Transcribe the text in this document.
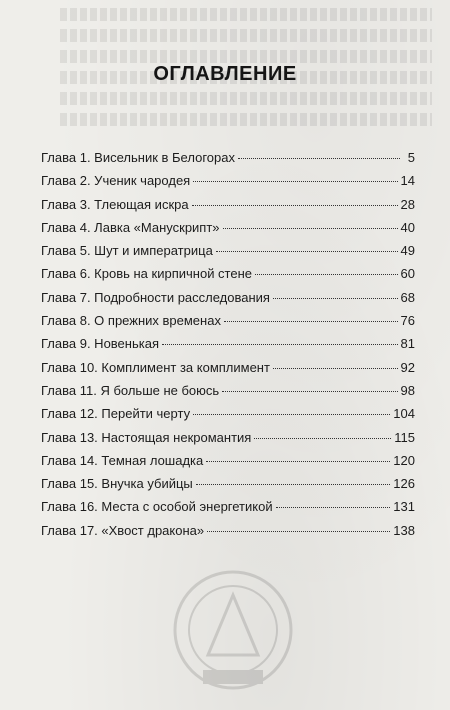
ОГЛАВЛЕНИЕ
Глава 1. Висельник в Белогорах	5
Глава 2. Ученик чародея	14
Глава 3. Тлеющая искра	28
Глава 4. Лавка «Манускрипт»	40
Глава 5. Шут и императрица	49
Глава 6. Кровь на кирпичной стене	60
Глава 7. Подробности расследования	68
Глава 8. О прежних временах	76
Глава 9. Новенькая	81
Глава 10. Комплимент за комплимент	92
Глава 11. Я больше не боюсь	98
Глава 12. Перейти черту	104
Глава 13. Настоящая некромантия	115
Глава 14. Темная лошадка	120
Глава 15. Внучка убийцы	126
Глава 16. Места с особой энергетикой	131
Глава 17. «Хвост дракона»	138
